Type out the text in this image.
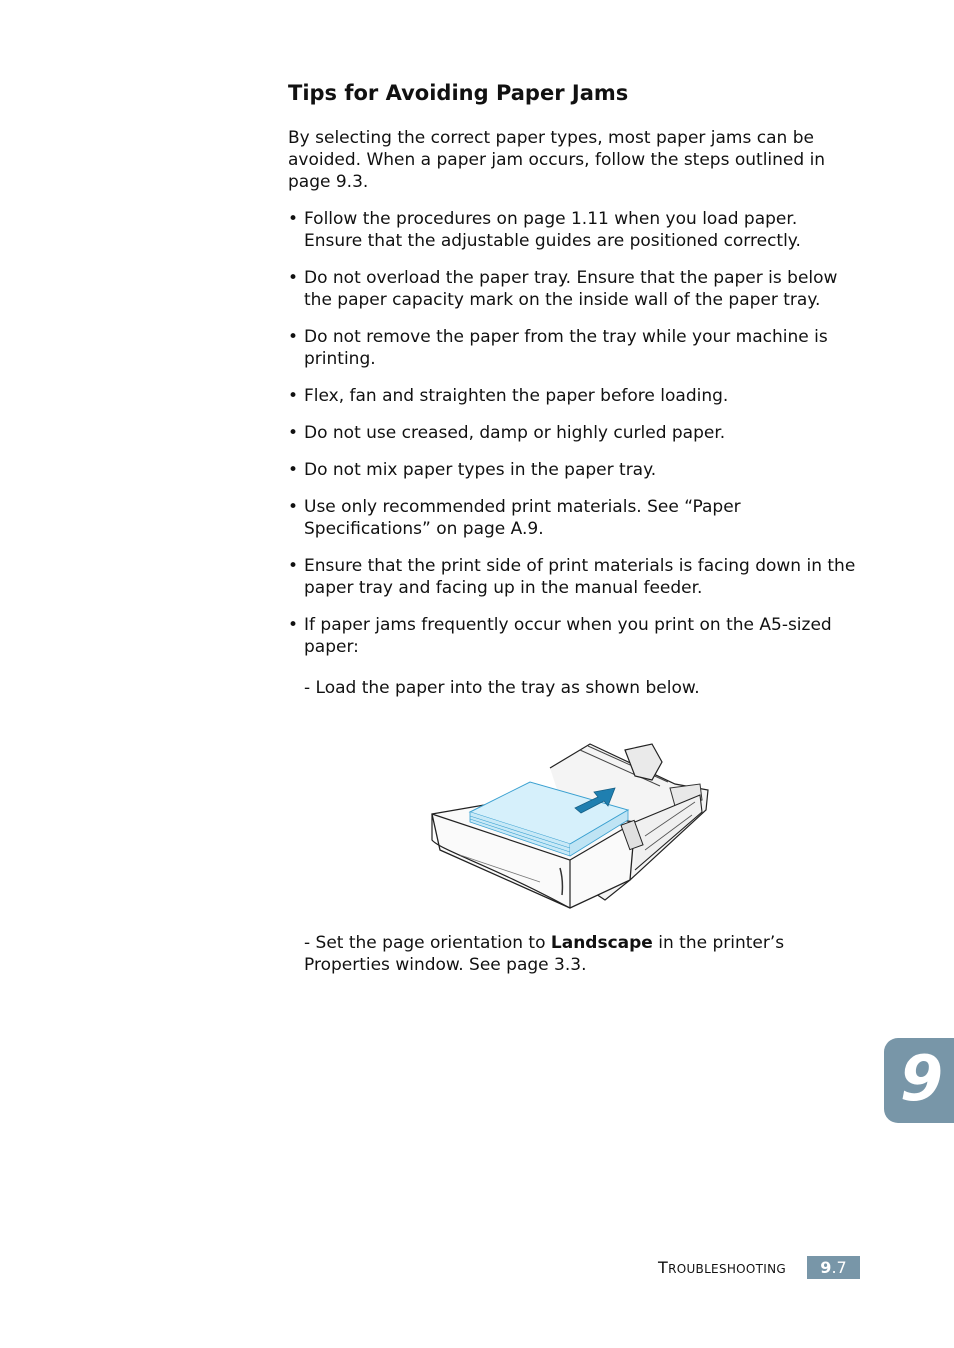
Tips for Avoiding Paper Jams

By selecting the correct paper types, most paper jams can be avoided. When a paper jam occurs, follow the steps outlined in page 9.3.

• Follow the procedures on page 1.11 when you load paper. Ensure that the adjustable guides are positioned correctly.
• Do not overload the paper tray. Ensure that the paper is below the paper capacity mark on the inside wall of the paper tray.
• Do not remove the paper from the tray while your machine is printing.
• Flex, fan and straighten the paper before loading.
• Do not use creased, damp or highly curled paper.
• Do not mix paper types in the paper tray.
• Use only recommended print materials. See “Paper Specifications” on page A.9.
• Ensure that the print side of print materials is facing down in the paper tray and facing up in the manual feeder.
• If paper jams frequently occur when you print on the A5-sized paper:

- Load the paper into the tray as shown below.

- Set the page orientation to Landscape in the printer’s Properties window. See page 3.3.
9
TROUBLESHOOTING	9.7
